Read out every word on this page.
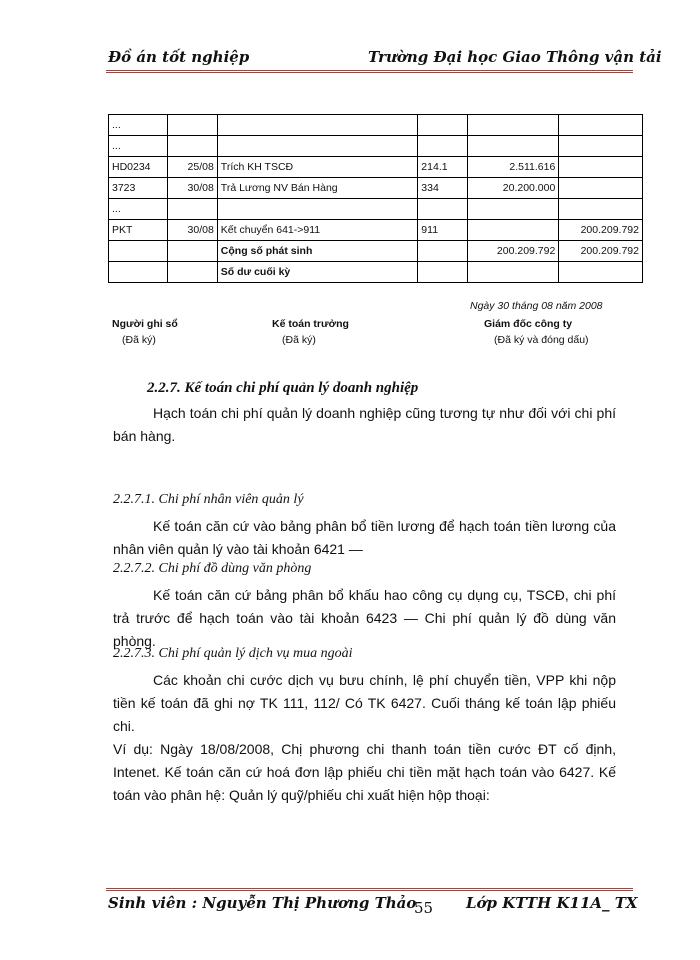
Đồ án tốt nghiệp	Trường Đại học Giao Thông vận tải
...					
...					
HD0234	25/08	Trích KH TSCĐ	214.1	2.511.616	
3723	30/08	Trả Lương NV Bán Hàng	334	20.200.000	
...					
PKT	30/08	Kết chuyển 641->911	911		200.209.792
		Cộng số phát sinh		200.209.792	200.209.792
		Số dư cuối kỳ			
Ngày 30 tháng 08 năm 2008
Người ghi sổ
(Đã ký)
Kế toán trưởng
(Đã ký)
Giám đốc công ty
(Đã ký và đóng dấu)
2.2.7. Kế toán chi phí quản lý doanh nghiệp
Hạch toán chi phí quản lý doanh nghiệp cũng tương tự như đối với chi phí bán hàng.
2.2.7.1. Chi phí nhân viên quản lý
Kế toán căn cứ vào bảng phân bổ tiền lương để hạch toán tiền lương của nhân viên quản lý vào tài khoản 6421 —
2.2.7.2. Chi phí đồ dùng văn phòng
Kế toán căn cứ bảng phân bổ khấu hao công cụ dụng cụ, TSCĐ, chi phí trả trước để hạch toán vào tài khoản 6423 — Chi phí quản lý đồ dùng văn phòng.
2.2.7.3. Chi phí quản lý dịch vụ mua ngoài
Các khoản chi cước dịch vụ bưu chính, lệ phí chuyển tiền, VPP khi nộp tiền kế toán đã ghi nợ TK 111, 112/ Có TK 6427. Cuối tháng kế toán lập phiếu chi.
Ví dụ: Ngày 18/08/2008, Chị phương chi thanh toán tiền cước ĐT cố định, Intenet. Kế toán căn cứ hoá đơn lập phiếu chi tiền mặt hạch toán vào 6427. Kế toán vào phân hệ: Quản lý quỹ/phiếu chi xuất hiện hộp thoại:
Sinh viên : Nguyễn Thị Phương Thảo
55 Lớp KTTH K11A_ TX
